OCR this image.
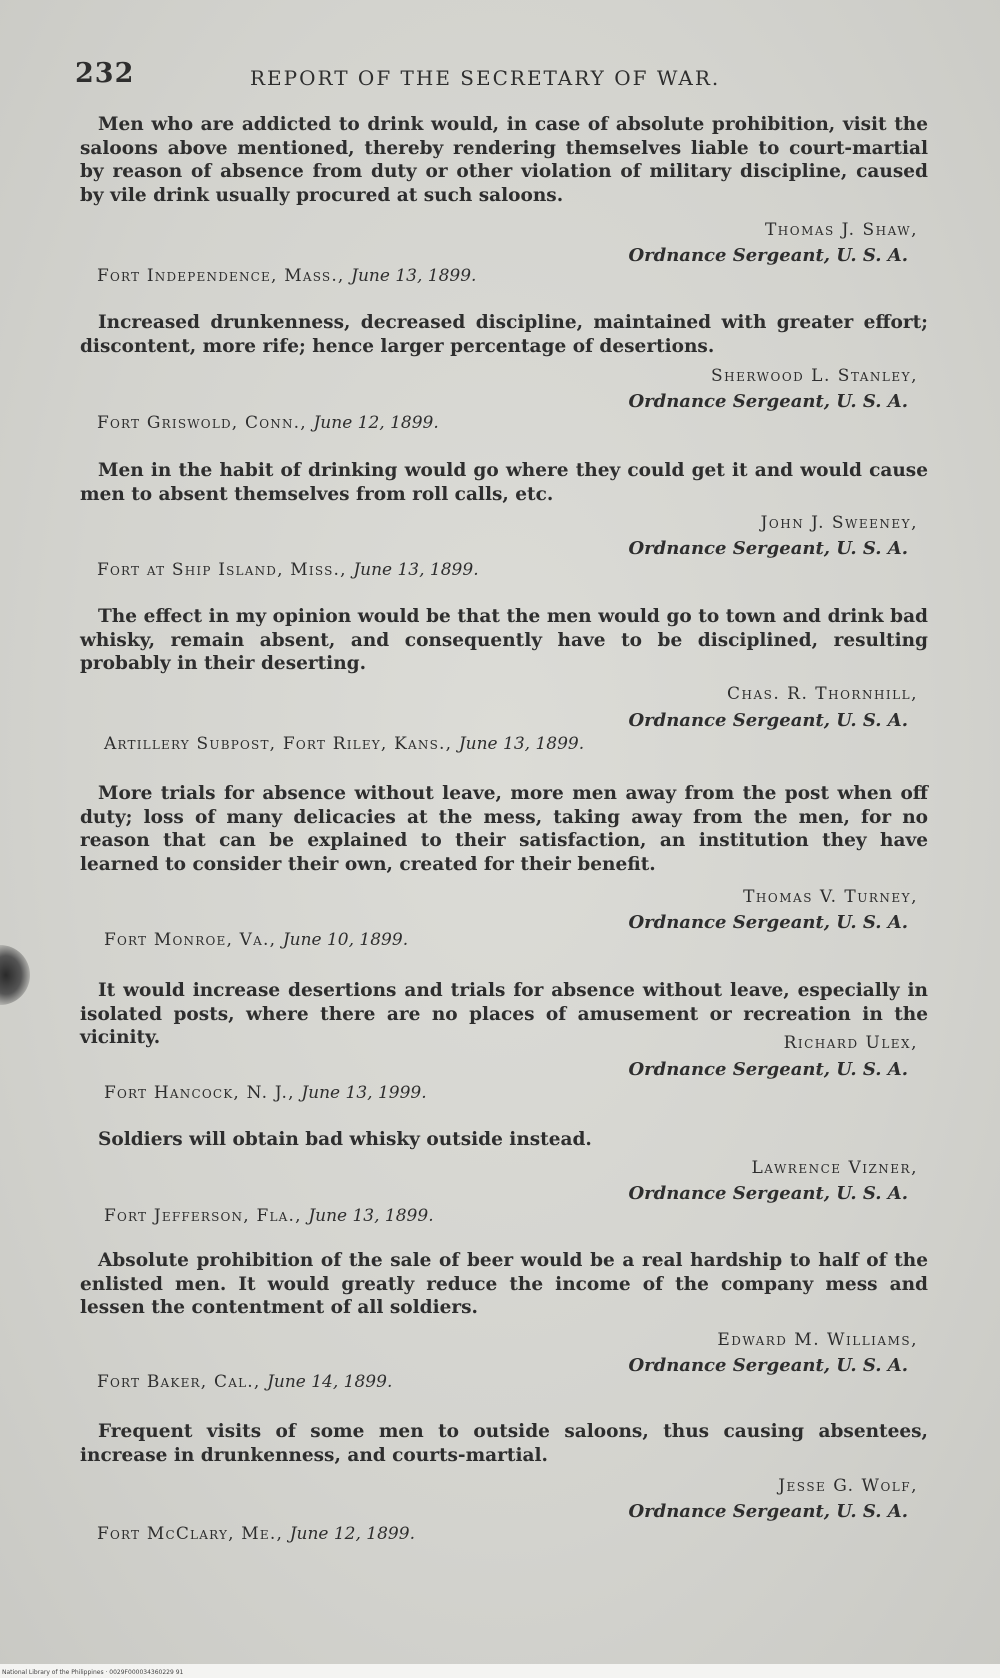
232	REPORT OF THE SECRETARY OF WAR.

Men who are addicted to drink would, in case of absolute prohibition, visit the saloons above mentioned, thereby rendering themselves liable to court-martial by reason of absence from duty or other violation of military discipline, caused by vile drink usually procured at such saloons.

Thomas J. Shaw,
Ordnance Sergeant, U. S. A.
Fort Independence, Mass., June 13, 1899.

Increased drunkenness, decreased discipline, maintained with greater effort; discontent, more rife; hence larger percentage of desertions.

Sherwood L. Stanley,
Ordnance Sergeant, U. S. A.
Fort Griswold, Conn., June 12, 1899.

Men in the habit of drinking would go where they could get it and would cause men to absent themselves from roll calls, etc.

John J. Sweeney,
Ordnance Sergeant, U. S. A.
Fort at Ship Island, Miss., June 13, 1899.

The effect in my opinion would be that the men would go to town and drink bad whisky, remain absent, and consequently have to be disciplined, resulting probably in their deserting.

Chas. R. Thornhill,
Ordnance Sergeant, U. S. A.
Artillery Subpost, Fort Riley, Kans., June 13, 1899.

More trials for absence without leave, more men away from the post when off duty; loss of many delicacies at the mess, taking away from the men, for no reason that can be explained to their satisfaction, an institution they have learned to consider their own, created for their benefit.

Thomas V. Turney,
Ordnance Sergeant, U. S. A.
Fort Monroe, Va., June 10, 1899.

It would increase desertions and trials for absence without leave, especially in isolated posts, where there are no places of amusement or recreation in the vicinity.	Richard Ulex,
Ordnance Sergeant, U. S. A.
Fort Hancock, N. J., June 13, 1999.

Soldiers will obtain bad whisky outside instead.

Lawrence Vizner,
Ordnance Sergeant, U. S. A.
Fort Jefferson, Fla., June 13, 1899.

Absolute prohibition of the sale of beer would be a real hardship to half of the enlisted men. It would greatly reduce the income of the company mess and lessen the contentment of all soldiers.

Edward M. Williams,
Ordnance Sergeant, U. S. A.
Fort Baker, Cal., June 14, 1899.

Frequent visits of some men to outside saloons, thus causing absentees, increase in drunkenness, and courts-martial.

Jesse G. Wolf,
Ordnance Sergeant, U. S. A.
Fort McClary, Me., June 12, 1899.
National Library of the Philippines · 0029F000034360229 91
